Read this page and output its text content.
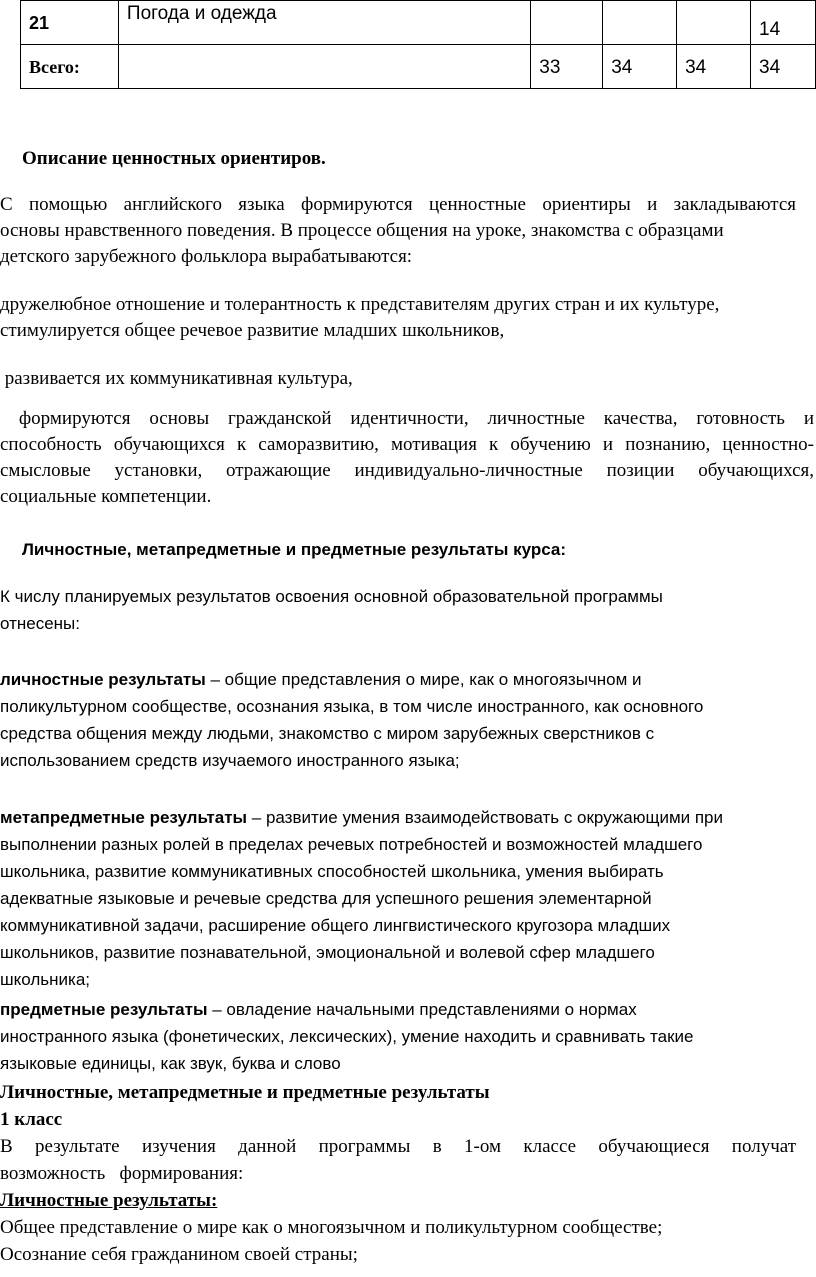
21	Погода и одежда				14

Всего:		33	34	34	34
Описание ценностных ориентиров.
С помощью английского языка формируются ценностные ориентиры и закладываются
основы нравственного поведения. В процессе общения на уроке, знакомства с образцами
детского зарубежного фольклора вырабатываются:
дружелюбное отношение и толерантность к представителям других стран и их культуре,
стимулируется общее речевое развитие младших школьников,
развивается их коммуникативная культура,
формируются основы гражданской идентичности, личностные качества, готовность и
способность обучающихся к саморазвитию, мотивация к обучению и познанию, ценностно-
смысловые установки, отражающие индивидуально-личностные позиции обучающихся,
социальные компетенции.
Личностные, метапредметные и предметные результаты курса:
К числу планируемых результатов освоения основной образовательной программы
отнесены:
личностные результаты – общие представления о мире, как о многоязычном и
поликультурном сообществе, осознания языка, в том числе иностранного, как основного
средства общения между людьми, знакомство с миром зарубежных сверстников с
использованием средств изучаемого иностранного языка;
метапредметные результаты – развитие умения взаимодействовать с окружающими при
выполнении разных ролей в пределах речевых потребностей и возможностей младшего
школьника, развитие коммуникативных способностей школьника, умения выбирать
адекватные языковые и речевые средства для успешного решения элементарной
коммуникативной задачи, расширение общего лингвистического кругозора младших
школьников, развитие познавательной, эмоциональной и волевой сфер младшего
школьника;
предметные результаты – овладение начальными представлениями о нормах
иностранного языка (фонетических, лексических), умение находить и сравнивать такие
языковые единицы, как звук, буква и слово
Личностные, метапредметные и предметные результаты
1 класс
В результате изучения данной программы в 1-ом классе обучающиеся получат
возможность   формирования:
Личностные результаты:
Общее представление о мире как о многоязычном и поликультурном сообществе;
Осознание себя гражданином своей страны;
